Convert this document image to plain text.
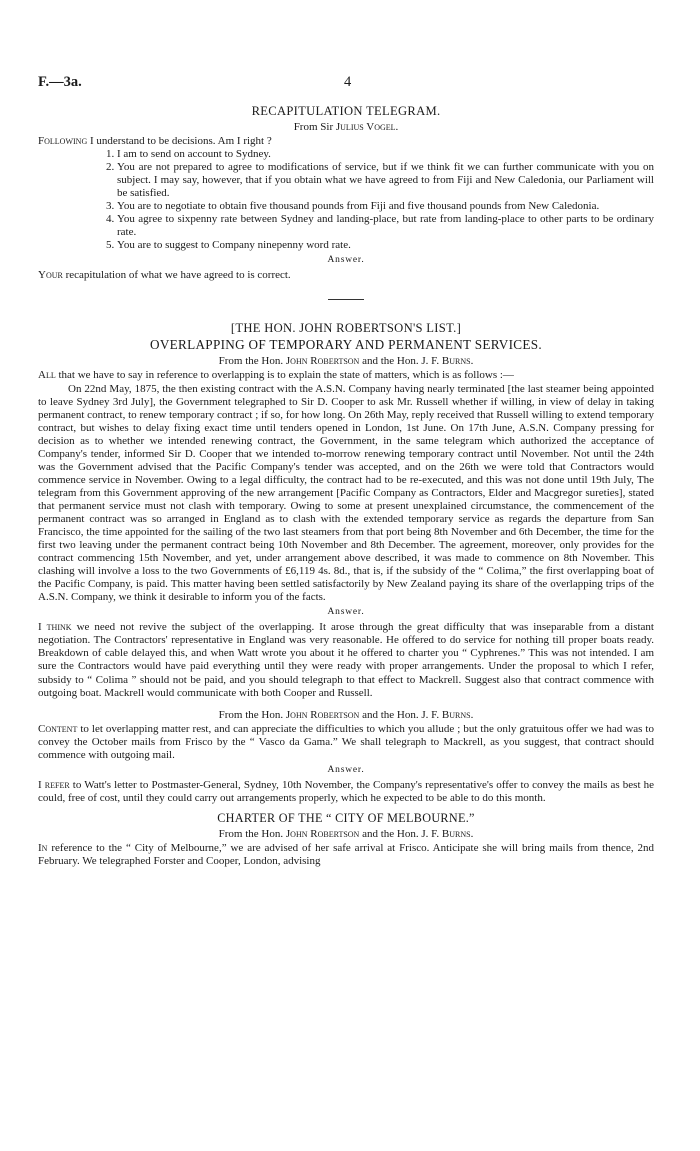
F.—3a.	4
RECAPITULATION TELEGRAM.
From Sir Julius Vogel.

Following I understand to be decisions. Am I right ?

1. I am to send on account to Sydney.
2. You are not prepared to agree to modifications of service, but if we think fit we can further communicate with you on subject. I may say, however, that if you obtain what we have agreed to from Fiji and New Caledonia, our Parliament will be satisfied.
3. You are to negotiate to obtain five thousand pounds from Fiji and five thousand pounds from New Caledonia.
4. You agree to sixpenny rate between Sydney and landing-place, but rate from landing-place to other parts to be ordinary rate.
5. You are to suggest to Company ninepenny word rate.
Answer.

Your recapitulation of what we have agreed to is correct.

[THE HON. JOHN ROBERTSON'S LIST.]
OVERLAPPING OF TEMPORARY AND PERMANENT SERVICES.
From the Hon. John Robertson and the Hon. J. F. Burns.

All that we have to say in reference to overlapping is to explain the state of matters, which is as follows :—

On 22nd May, 1875, the then existing contract with the A.S.N. Company having nearly terminated [the last steamer being appointed to leave Sydney 3rd July], the Government telegraphed to Sir D. Cooper to ask Mr. Russell whether if willing, in view of delay in taking permanent contract, to renew temporary contract ; if so, for how long. On 26th May, reply received that Russell willing to extend temporary contract, but wishes to delay fixing exact time until tenders opened in London, 1st June. On 17th June, A.S.N. Company pressing for decision as to whether we intended renewing contract, the Government, in the same telegram which authorized the acceptance of Company's tender, informed Sir D. Cooper that we intended to-morrow renewing temporary contract until November. Not until the 24th was the Government advised that the Pacific Company's tender was accepted, and on the 26th we were told that Contractors would commence service in November. Owing to a legal difficulty, the contract had to be re-executed, and this was not done until 19th July, The telegram from this Government approving of the new arrangement [Pacific Company as Contractors, Elder and Macgregor sureties], stated that permanent service must not clash with temporary. Owing to some at present unexplained circumstance, the commencement of the permanent contract was so arranged in England as to clash with the extended temporary service as regards the departure from San Francisco, the time appointed for the sailing of the two last steamers from that port being 8th November and 6th December, the time for the first two leaving under the permanent contract being 10th November and 8th December. The agreement, moreover, only provides for the contract commencing 15th November, and yet, under arrangement above described, it was made to commence on 8th November. This clashing will involve a loss to the two Governments of £6,119 4s. 8d., that is, if the subsidy of the “ Colima,” the first overlapping boat of the Pacific Company, is paid. This matter having been settled satisfactorily by New Zealand paying its share of the overlapping trips of the A.S.N. Company, we think it desirable to inform you of the facts.

Answer.

I think we need not revive the subject of the overlapping. It arose through the great difficulty that was inseparable from a distant negotiation. The Contractors' representative in England was very reasonable. He offered to do service for nothing till proper boats ready. Breakdown of cable delayed this, and when Watt wrote you about it he offered to charter you “ Cyphrenes.” This was not intended. I am sure the Contractors would have paid everything until they were ready with proper arrangements. Under the proposal to which I refer, subsidy to “ Colima ” should not be paid, and you should telegraph to that effect to Mackrell. Suggest also that contract commence with outgoing boat. Mackrell would communicate with both Cooper and Russell.

From the Hon. John Robertson and the Hon. J. F. Burns.

Content to let overlapping matter rest, and can appreciate the difficulties to which you allude ; but the only gratuitous offer we had was to convey the October mails from Frisco by the “ Vasco da Gama.” We shall telegraph to Mackrell, as you suggest, that contract should commence with outgoing mail.

Answer.

I refer to Watt's letter to Postmaster-General, Sydney, 10th November, the Company's representative's offer to convey the mails as best he could, free of cost, until they could carry out arrangements properly, which he expected to be able to do this month.

CHARTER OF THE “ CITY OF MELBOURNE.”
From the Hon. John Robertson and the Hon. J. F. Burns.

In reference to the “ City of Melbourne,” we are advised of her safe arrival at Frisco. Anticipate she will bring mails from thence, 2nd February. We telegraphed Forster and Cooper, London, advising
